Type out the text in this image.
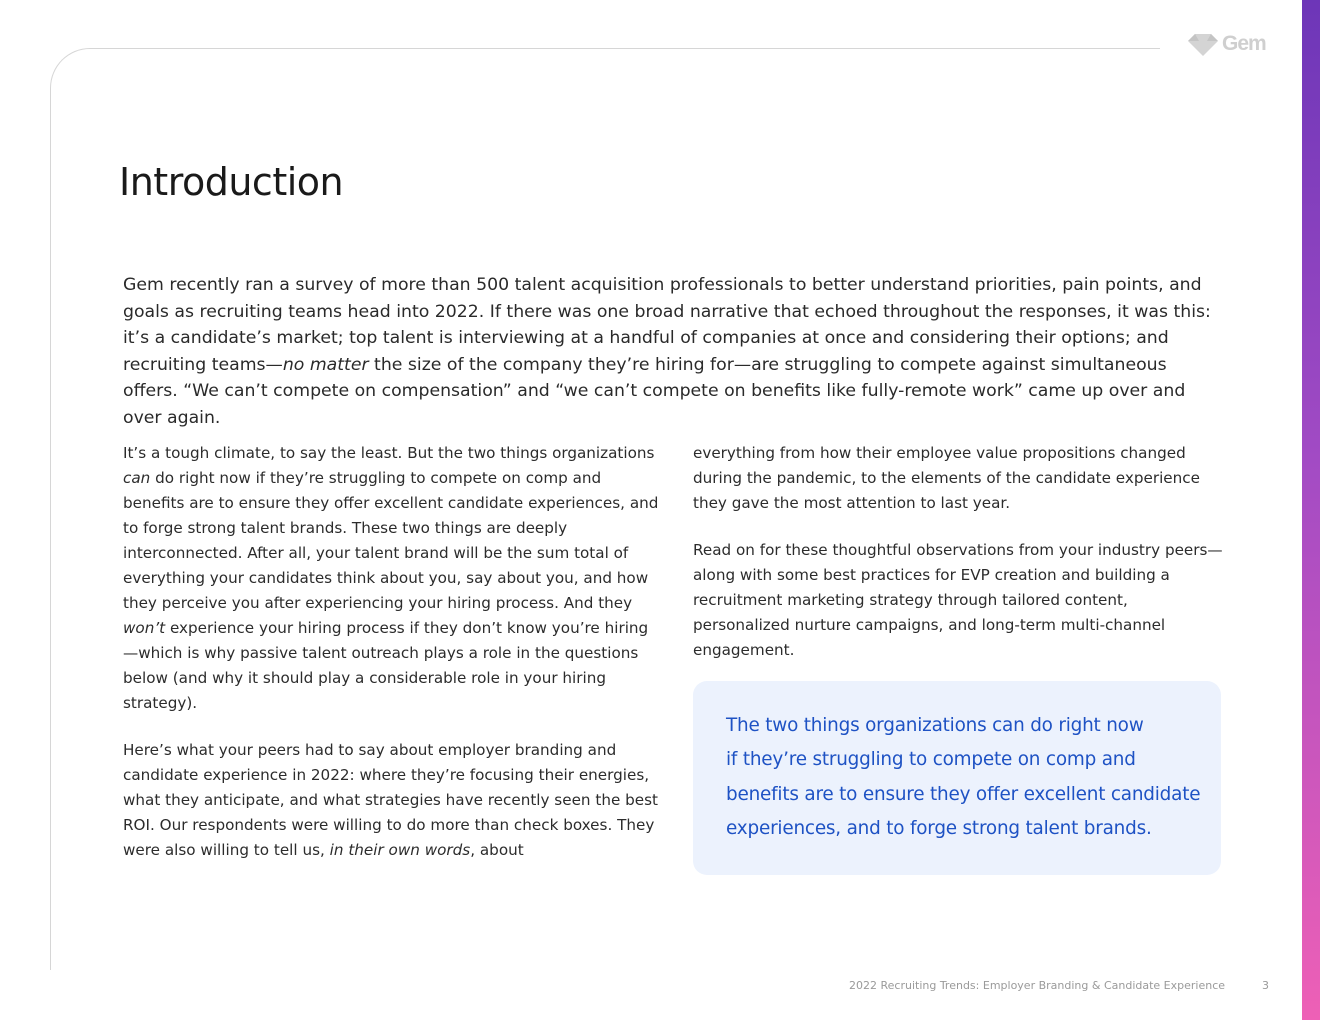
Gem
Introduction

Gem recently ran a survey of more than 500 talent acquisition professionals to better understand priorities, pain points, and goals as recruiting teams head into 2022. If there was one broad narrative that echoed throughout the responses, it was this: it’s a candidate’s market; top talent is interviewing at a handful of companies at once and considering their options; and recruiting teams—no matter the size of the company they’re hiring for—are struggling to compete against simultaneous offers. “We can’t compete on compensation” and “we can’t compete on benefits like fully-remote work” came up over and over again.

It’s a tough climate, to say the least. But the two things organizations can do right now if they’re struggling to compete on comp and benefits are to ensure they offer excellent candidate experiences, and to forge strong talent brands. These two things are deeply interconnected. After all, your talent brand will be the sum total of everything your candidates think about you, say about you, and how they perceive you after experiencing your hiring process. And they won’t experience your hiring process if they don’t know you’re hiring—which is why passive talent outreach plays a role in the questions below (and why it should play a considerable role in your hiring strategy).

Here’s what your peers had to say about employer branding and candidate experience in 2022: where they’re focusing their energies, what they anticipate, and what strategies have recently seen the best ROI. Our respondents were willing to do more than check boxes. They were also willing to tell us, in their own words, about

everything from how their employee value propositions changed during the pandemic, to the elements of the candidate experience they gave the most attention to last year.

Read on for these thoughtful observations from your industry peers—along with some best practices for EVP creation and building a recruitment marketing strategy through tailored content, personalized nurture campaigns, and long-term multi-channel engagement.

The two things organizations can do right now
if they’re struggling to compete on comp and
benefits are to ensure they offer excellent candidate
experiences, and to forge strong talent brands.
2022 Recruiting Trends: Employer Branding & Candidate Experience	3
